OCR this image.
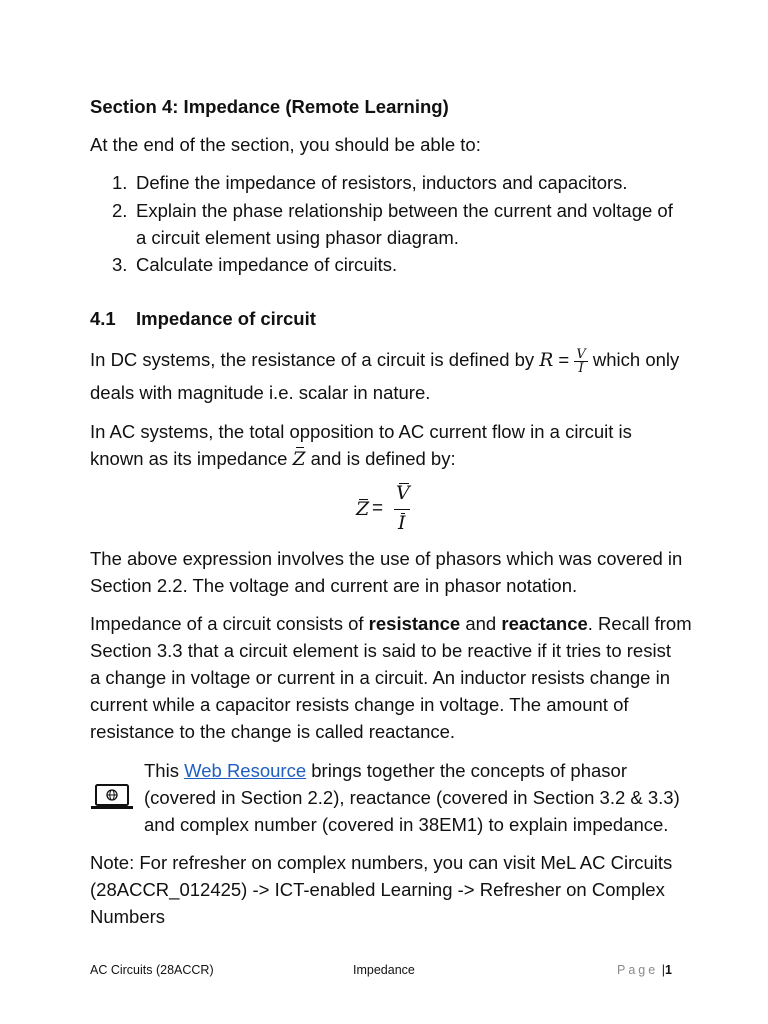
Section 4: Impedance (Remote Learning)
At the end of the section, you should be able to:
1. Define the impedance of resistors, inductors and capacitors.
2. Explain the phase relationship between the current and voltage of
a circuit element using phasor diagram.
3. Calculate impedance of circuits.
4.1 Impedance of circuit
In DC systems, the resistance of a circuit is defined by $R = \frac{V}{I}$ which only
deals with magnitude i.e. scalar in nature.
In AC systems, the total opposition to AC current flow in a circuit is
known as its impedance Z and is defined by:
Z =
V
I
The above expression involves the use of phasors which was covered in
Section 2.2. The voltage and current are in phasor notation.
Impedance of a circuit consists of resistance and reactance. Recall from
Section 3.3 that a circuit element is said to be reactive if it tries to resist
a change in voltage or current in a circuit. An inductor resists change in
current while a capacitor resists change in voltage. The amount of
resistance to the change is called reactance.
This Web Resource brings together the concepts of phasor
(covered in Section 2.2), reactance (covered in Section 3.2 & 3.3)
and complex number (covered in 38EM1) to explain impedance.
Note: For refresher on complex numbers, you can visit MeL AC Circuits
(28ACCR_012425) -> ICT-enabled Learning -> Refresher on Complex
Numbers
AC Circuits (28ACCR)	Impedance	Page |1
